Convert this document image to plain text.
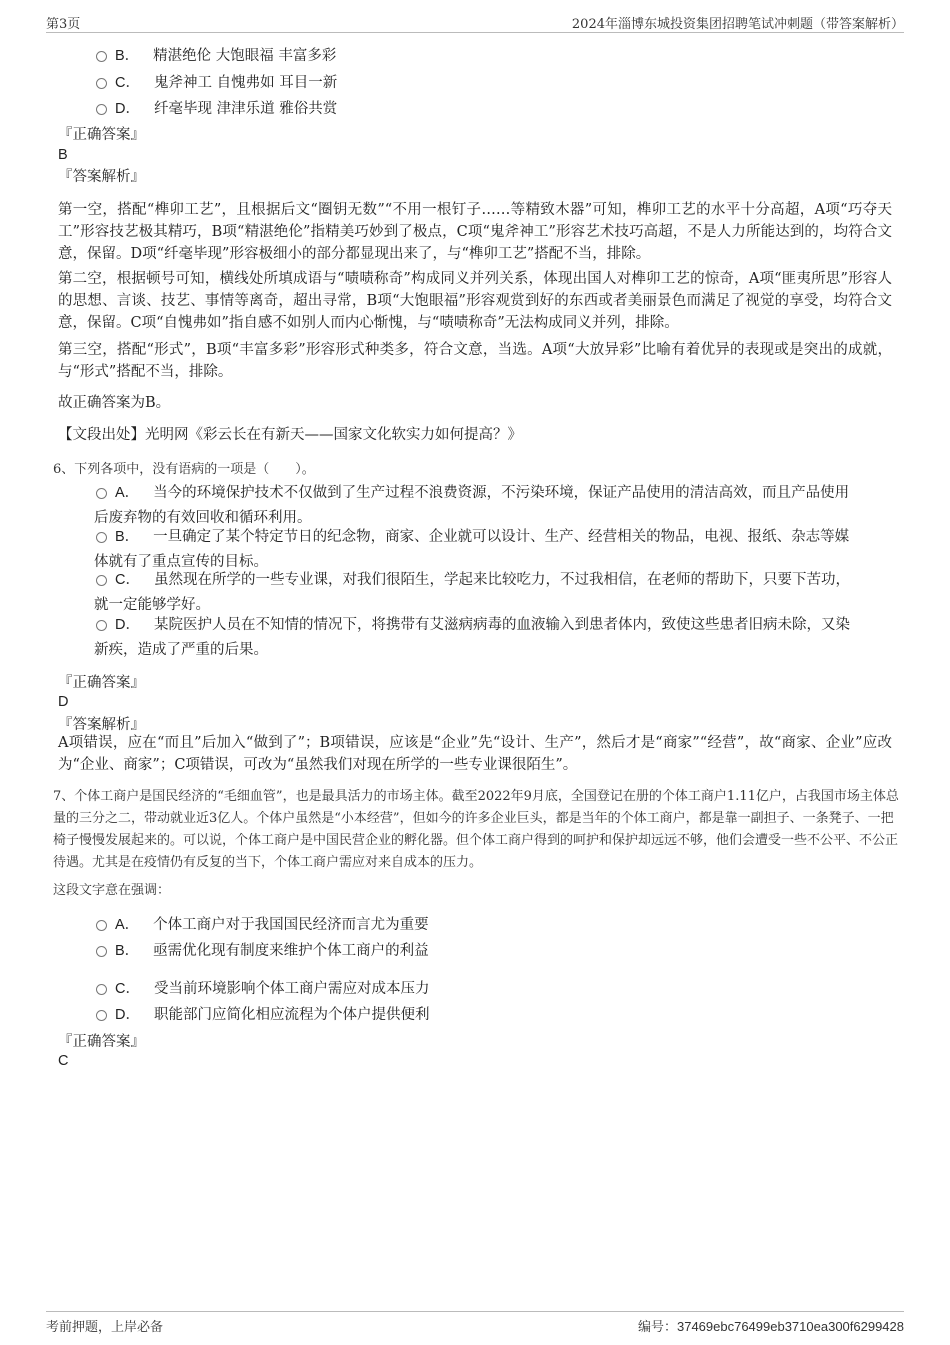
第3页	2024年淄博东城投资集团招聘笔试冲刺题（带答案解析）
B． 精湛绝伦 大饱眼福 丰富多彩
C． 鬼斧神工 自愧弗如 耳目一新
D． 纤毫毕现 津津乐道 雅俗共赏
『正确答案』
B
『答案解析』
第一空，搭配“榫卯工艺”，且根据后文“圈钥无数”“不用一根钉子……等精致木器”可知，榫卯工艺的水平十分高超，A项“巧夺天工”形容技艺极其精巧，B项“精湛绝伦”指精美巧妙到了极点，C项“鬼斧神工”形容艺术技巧高超，不是人力所能达到的，均符合文意，保留。D项“纤毫毕现”形容极细小的部分都显现出来了，与“榫卯工艺”搭配不当，排除。
第二空，根据顿号可知，横线处所填成语与“啧啧称奇”构成同义并列关系，体现出国人对榫卯工艺的惊奇，A项“匪夷所思”形容人的思想、言谈、技艺、事情等离奇，超出寻常，B项“大饱眼福”形容观赏到好的东西或者美丽景色而满足了视觉的享受，均符合文意，保留。C项“自愧弗如”指自感不如别人而内心惭愧，与“啧啧称奇”无法构成同义并列，排除。
第三空，搭配“形式”，B项“丰富多彩”形容形式种类多，符合文意，当选。A项“大放异彩”比喻有着优异的表现或是突出的成就，与“形式”搭配不当，排除。
故正确答案为B。
【文段出处】光明网《彩云长在有新天——国家文化软实力如何提高？》
6、下列各项中，没有语病的一项是（　　）。
A． 当今的环境保护技术不仅做到了生产过程不浪费资源，不污染环境，保证产品使用的清洁高效，而且产品使用
后废弃物的有效回收和循环利用。
B． 一旦确定了某个特定节日的纪念物，商家、企业就可以设计、生产、经营相关的物品，电视、报纸、杂志等媒
体就有了重点宣传的目标。
C． 虽然现在所学的一些专业课，对我们很陌生，学起来比较吃力，不过我相信，在老师的帮助下，只要下苦功，
就一定能够学好。
D． 某院医护人员在不知情的情况下，将携带有艾滋病病毒的血液输入到患者体内，致使这些患者旧病未除，又染
新疾，造成了严重的后果。
『正确答案』
D
『答案解析』
A项错误，应在“而且”后加入“做到了”；B项错误，应该是“企业”先“设计、生产”，然后才是“商家”“经营”，故“商家、企业”应改为“企业、商家”；C项错误，可改为“虽然我们对现在所学的一些专业课很陌生”。
7、个体工商户是国民经济的“毛细血管”，也是最具活力的市场主体。截至2022年9月底，全国登记在册的个体工商户1.11亿户，占我国市场主体总量的三分之二，带动就业近3亿人。个体户虽然是“小本经营”，但如今的许多企业巨头，都是当年的个体工商户，都是靠一副担子、一条凳子、一把椅子慢慢发展起来的。可以说，个体工商户是中国民营企业的孵化器。但个体工商户得到的呵护和保护却远远不够，他们会遭受一些不公平、不公正待遇。尤其是在疫情仍有反复的当下，个体工商户需应对来自成本的压力。
这段文字意在强调：
A． 个体工商户对于我国国民经济而言尤为重要
B． 亟需优化现有制度来维护个体工商户的利益
C． 受当前环境影响个体工商户需应对成本压力
D． 职能部门应简化相应流程为个体户提供便利
『正确答案』
C
考前押题，上岸必备	编号：37469ebc76499eb3710ea300f6299428
